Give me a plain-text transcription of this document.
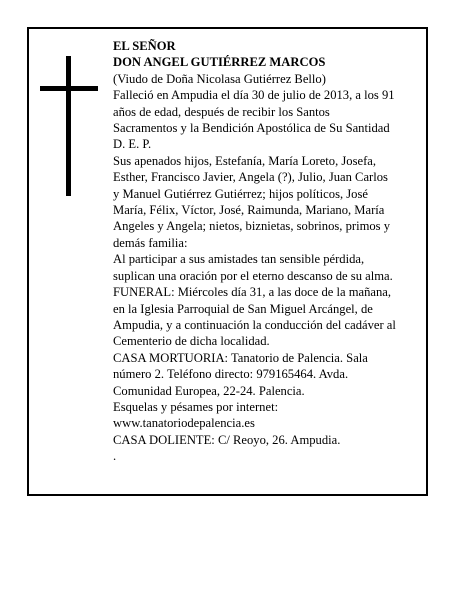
EL SEÑOR
DON ANGEL GUTIÉRREZ MARCOS
(Viudo de Doña Nicolasa Gutiérrez Bello)
Falleció en Ampudia el día 30 de julio de 2013, a los 91
años de edad, después de recibir los Santos
Sacramentos y la Bendición Apostólica de Su Santidad
D. E. P.
Sus apenados hijos, Estefanía, María Loreto, Josefa,
Esther, Francisco Javier, Angela (?), Julio, Juan Carlos
y Manuel Gutiérrez Gutiérrez; hijos políticos, José
María, Félix, Víctor, José, Raimunda, Mariano, María
Angeles y Angela; nietos, biznietas, sobrinos, primos y
demás familia:
Al participar a sus amistades tan sensible pérdida,
suplican una oración por el eterno descanso de su alma.
FUNERAL: Miércoles día 31, a las doce de la mañana,
en la Iglesia Parroquial de San Miguel Arcángel, de
Ampudia, y a continuación la conducción del cadáver al
Cementerio de dicha localidad.
CASA MORTUORIA: Tanatorio de Palencia. Sala
número 2. Teléfono directo: 979165464. Avda.
Comunidad Europea, 22-24. Palencia.
Esquelas y pésames por internet:
www.tanatoriodepalencia.es
CASA DOLIENTE: C/ Reoyo, 26. Ampudia.
.
